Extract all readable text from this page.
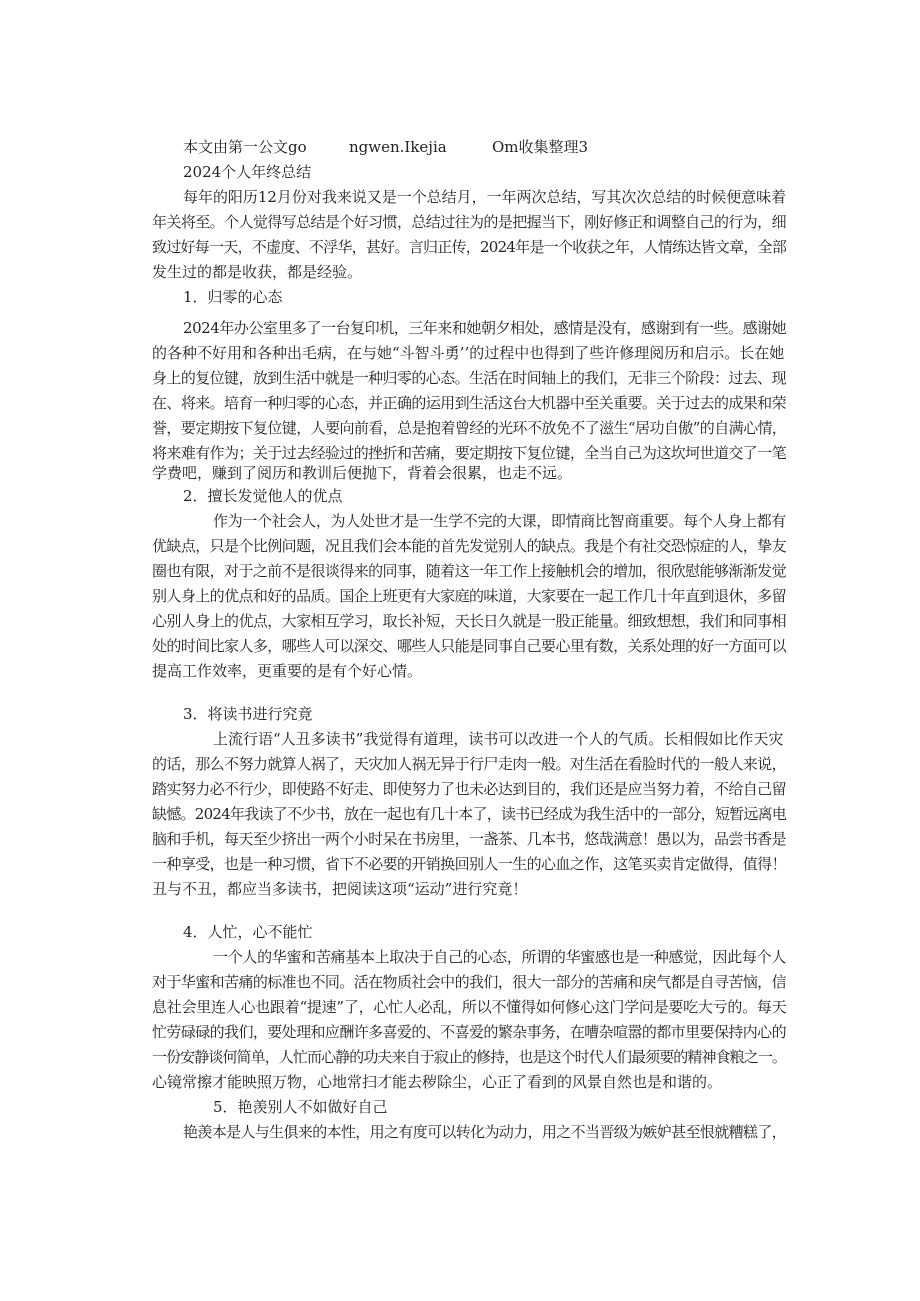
本文由第一公文go	ngwen.Ikejia	Om收集整理3
2024个人年终总结
每年的阳历12月份对我来说又是一个总结月，一年两次总结，写其次次总结的时候便意味着
年关将至。个人觉得写总结是个好习惯，总结过往为的是把握当下，刚好修正和调整自己的行为，细
致过好每一天，不虚度、不浮华，甚好。言归正传，2024年是一个收获之年，人情练达皆文章，全部
发生过的都是收获，都是经验。
1．归零的心态
2024年办公室里多了一台复印机，三年来和她朝夕相处，感情是没有，感谢到有一些。感谢她
的各种不好用和各种出毛病，在与她“斗智斗勇’’的过程中也得到了些许修理阅历和启示。长在她
身上的复位键，放到生活中就是一种归零的心态。生活在时间轴上的我们，无非三个阶段：过去、现
在、将来。培育一种归零的心态，并正确的运用到生活这台大机器中至关重要。关于过去的成果和荣
誉，要定期按下复位键，人要向前看，总是抱着曾经的光环不放免不了滋生“居功自傲”的自满心情，
将来难有作为；关于过去经验过的挫折和苦痛，要定期按下复位键，全当自己为这坎坷世道交了一笔
学费吧，赚到了阅历和教训后便抛下，背着会很累，也走不远。
2．擅长发觉他人的优点
作为一个社会人，为人处世才是一生学不完的大课，即情商比智商重要。每个人身上都有
优缺点，只是个比例问题，况且我们会本能的首先发觉别人的缺点。我是个有社交恐惊症的人，挚友
圈也有限，对于之前不是很谈得来的同事，随着这一年工作上接触机会的增加，很欣慰能够渐渐发觉
别人身上的优点和好的品质。国企上班更有大家庭的味道，大家要在一起工作几十年直到退休，多留
心别人身上的优点，大家相互学习，取长补短，天长日久就是一股正能量。细致想想，我们和同事相
处的时间比家人多，哪些人可以深交、哪些人只能是同事自己要心里有数，关系处理的好一方面可以
提高工作效率，更重要的是有个好心情。
3．将读书进行究竟
上流行语“人丑多读书”我觉得有道理，读书可以改进一个人的气质。长相假如比作天灾
的话，那么不努力就算人祸了，天灾加人祸无异于行尸走肉一般。对生活在看脸时代的一般人来说，
踏实努力必不行少，即使路不好走、即使努力了也未必达到目的，我们还是应当努力着，不给自己留
缺憾。2024年我读了不少书，放在一起也有几十本了，读书已经成为我生活中的一部分，短暂远离电
脑和手机，每天至少挤出一两个小时呆在书房里，一盏茶、几本书，悠哉满意！愚以为，品尝书香是
一种享受，也是一种习惯，省下不必要的开销换回别人一生的心血之作，这笔买卖肯定做得，值得！
丑与不丑，都应当多读书，把阅读这项“运动”进行究竟！
4．人忙，心不能忙
一个人的华蜜和苦痛基本上取决于自己的心态，所谓的华蜜感也是一种感觉，因此每个人
对于华蜜和苦痛的标准也不同。活在物质社会中的我们，很大一部分的苦痛和戾气都是自寻苦恼，信
息社会里连人心也跟着“提速”了，心忙人必乱，所以不懂得如何修心这门学问是要吃大亏的。每天
忙劳碌碌的我们，要处理和应酬许多喜爱的、不喜爱的繁杂事务，在嘈杂喧嚣的都市里要保持内心的
一份安静谈何简单，人忙而心静的功夫来自于寂止的修持，也是这个时代人们最须要的精神食粮之一。
心镜常擦才能映照万物，心地常扫才能去秽除尘，心正了看到的风景自然也是和谐的。
5．艳羡别人不如做好自己
艳羡本是人与生俱来的本性，用之有度可以转化为动力，用之不当晋级为嫉妒甚至恨就糟糕了，
